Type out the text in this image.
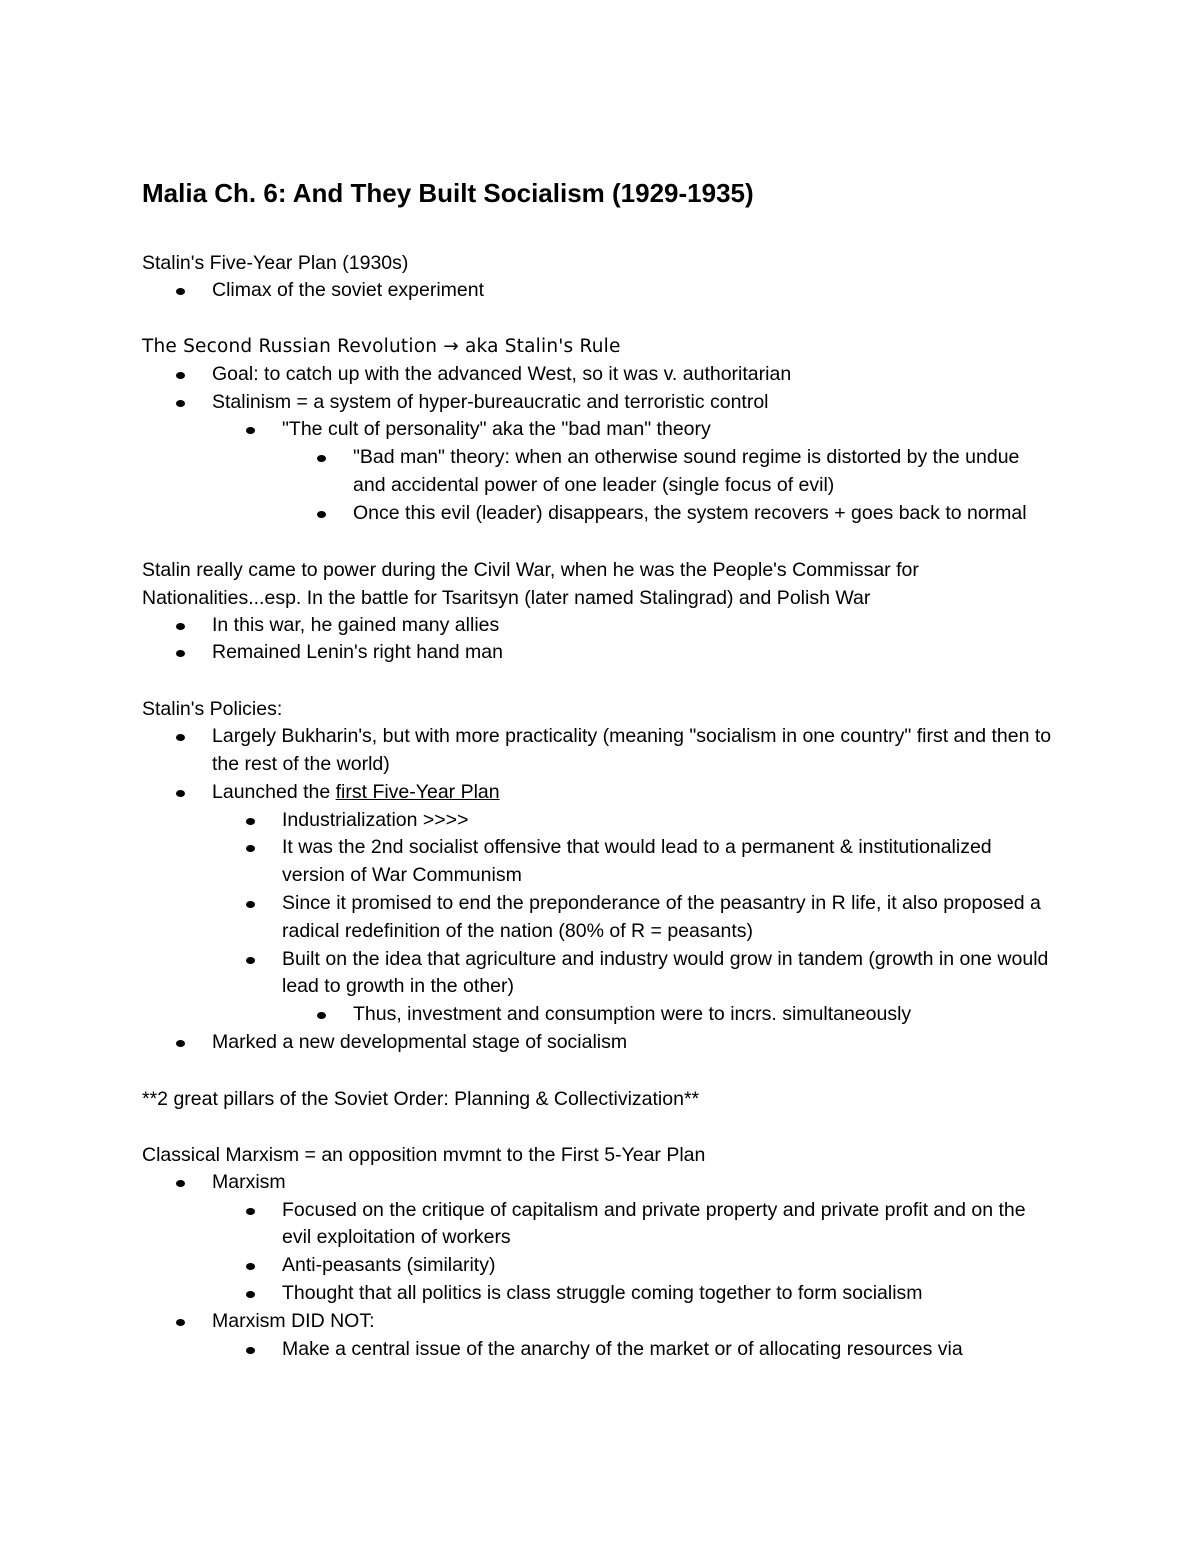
Malia Ch. 6: And They Built Socialism (1929-1935)
Stalin's Five-Year Plan (1930s)
Climax of the soviet experiment
The Second Russian Revolution → aka Stalin's Rule
Goal: to catch up with the advanced West, so it was v. authoritarian
Stalinism = a system of hyper-bureaucratic and terroristic control
"The cult of personality" aka the "bad man" theory
"Bad man" theory: when an otherwise sound regime is distorted by the undue and accidental power of one leader (single focus of evil)
Once this evil (leader) disappears, the system recovers + goes back to normal
Stalin really came to power during the Civil War, when he was the People's Commissar for Nationalities...esp. In the battle for Tsaritsyn (later named Stalingrad) and Polish War
In this war, he gained many allies
Remained Lenin's right hand man
Stalin's Policies:
Largely Bukharin's, but with more practicality (meaning "socialism in one country" first and then to the rest of the world)
Launched the first Five-Year Plan
Industrialization >>>>
It was the 2nd socialist offensive that would lead to a permanent & institutionalized version of War Communism
Since it promised to end the preponderance of the peasantry in R life, it also proposed a radical redefinition of the nation (80% of R = peasants)
Built on the idea that agriculture and industry would grow in tandem (growth in one would lead to growth in the other)
Thus, investment and consumption were to incrs. simultaneously
Marked a new developmental stage of socialism
**2 great pillars of the Soviet Order: Planning & Collectivization**
Classical Marxism = an opposition mvmnt to the First 5-Year Plan
Marxism
Focused on the critique of capitalism and private property and private profit and on the evil exploitation of workers
Anti-peasants (similarity)
Thought that all politics is class struggle coming together to form socialism
Marxism DID NOT:
Make a central issue of the anarchy of the market or of allocating resources via
